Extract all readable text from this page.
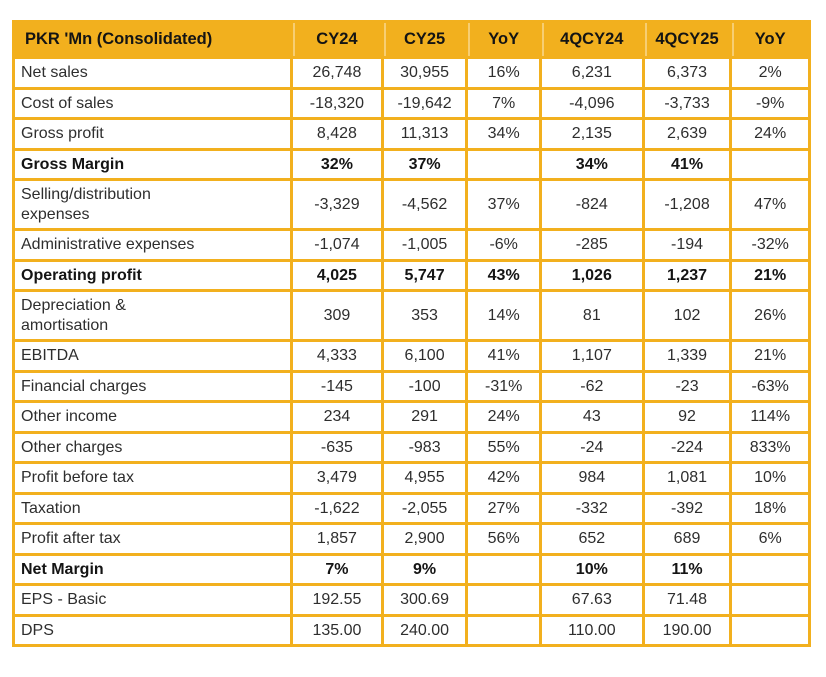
PKR 'Mn (Consolidated)	CY24	CY25	YoY	4QCY24	4QCY25	YoY
Net sales	26,748	30,955	16%	6,231	6,373	2%
Cost of sales	-18,320	-19,642	7%	-4,096	-3,733	-9%
Gross profit	8,428	11,313	34%	2,135	2,639	24%
Gross Margin	32%	37%		34%	41%	
Selling/distribution expenses	-3,329	-4,562	37%	-824	-1,208	47%
Administrative expenses	-1,074	-1,005	-6%	-285	-194	-32%
Operating profit	4,025	5,747	43%	1,026	1,237	21%
Depreciation & amortisation	309	353	14%	81	102	26%
EBITDA	4,333	6,100	41%	1,107	1,339	21%
Financial charges	-145	-100	-31%	-62	-23	-63%
Other income	234	291	24%	43	92	114%
Other charges	-635	-983	55%	-24	-224	833%
Profit before tax	3,479	4,955	42%	984	1,081	10%
Taxation	-1,622	-2,055	27%	-332	-392	18%
Profit after tax	1,857	2,900	56%	652	689	6%
Net Margin	7%	9%		10%	11%	
EPS - Basic	192.55	300.69		67.63	71.48	
DPS	135.00	240.00		110.00	190.00	
